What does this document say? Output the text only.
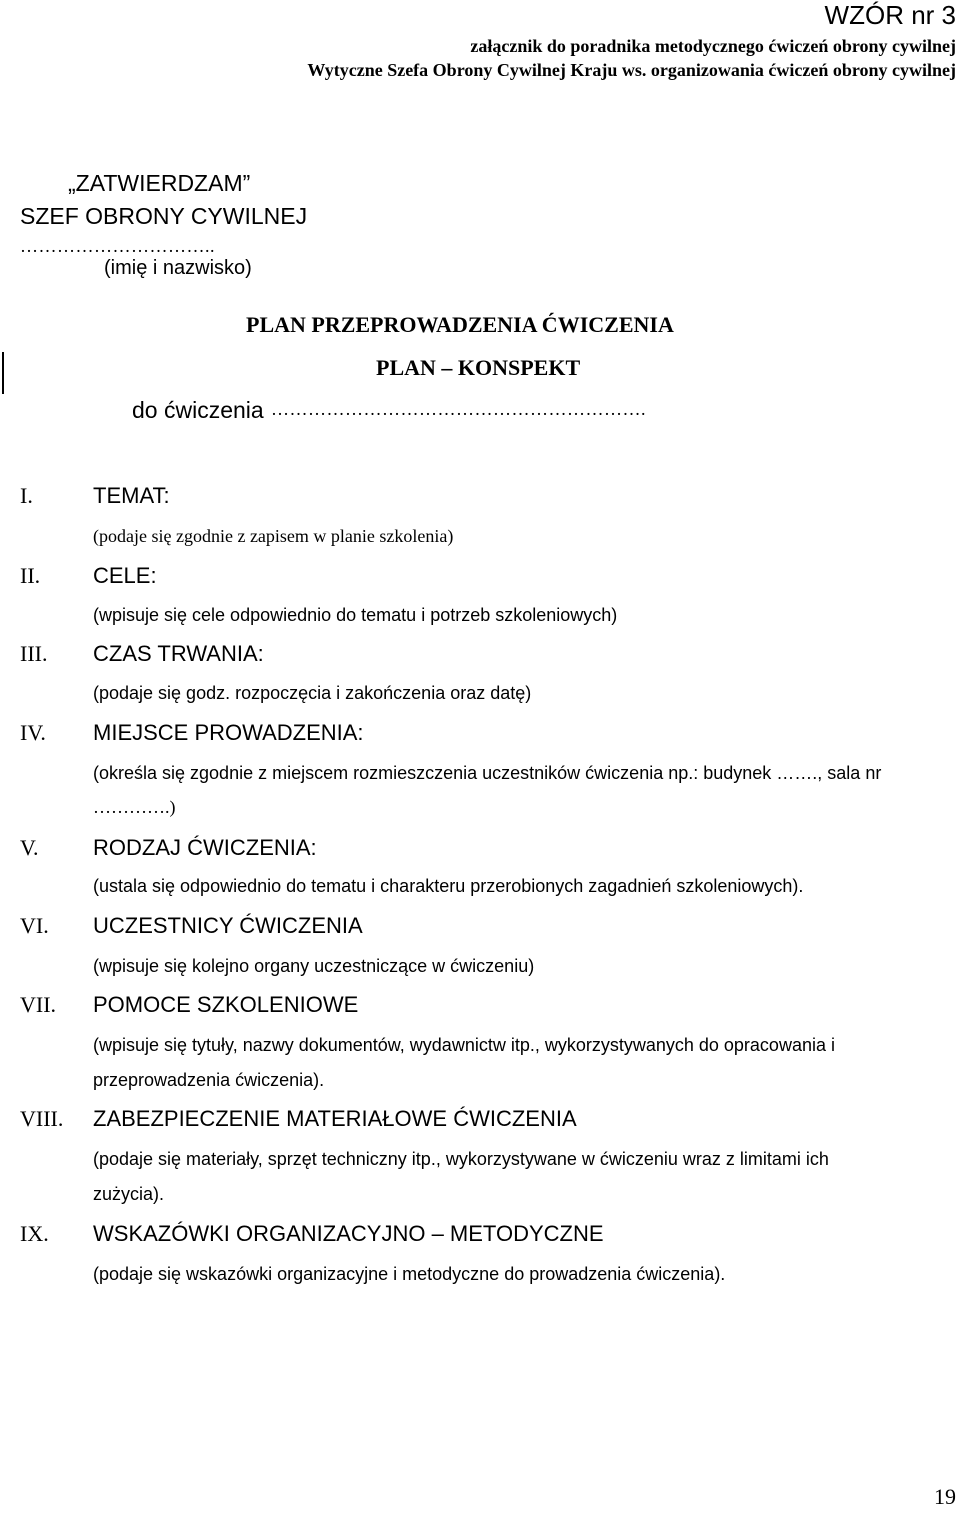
WZÓR nr 3
załącznik do poradnika metodycznego ćwiczeń obrony cywilnej
Wytyczne Szefa Obrony Cywilnej Kraju ws. organizowania ćwiczeń obrony cywilnej
„ZATWIERDZAM”
SZEF OBRONY CYWILNEJ
…………………………..
(imię i nazwisko)
PLAN PRZEPROWADZENIA ĆWICZENIA
PLAN – KONSPEKT
do ćwiczenia …………………………………………………….
I.	TEMAT:
(podaje się zgodnie z zapisem w planie szkolenia)
II. CELE:
(wpisuje się cele odpowiednio do tematu i potrzeb szkoleniowych)
III. CZAS TRWANIA:
(podaje się godz. rozpoczęcia i zakończenia oraz datę)
IV. MIEJSCE PROWADZENIA:
(określa się zgodnie z miejscem rozmieszczenia uczestników ćwiczenia np.: budynek ……., sala nr
………….)
V. RODZAJ ĆWICZENIA:
(ustala się odpowiednio do tematu i charakteru przerobionych zagadnień szkoleniowych).
VI. UCZESTNICY ĆWICZENIA
(wpisuje się kolejno organy uczestniczące w ćwiczeniu)
VII. POMOCE SZKOLENIOWE
(wpisuje się tytuły, nazwy dokumentów, wydawnictw itp., wykorzystywanych do opracowania i
przeprowadzenia ćwiczenia).
VIII. ZABEZPIECZENIE MATERIAŁOWE ĆWICZENIA
(podaje się materiały, sprzęt techniczny itp., wykorzystywane w ćwiczeniu wraz z limitami ich
zużycia).
IX. WSKAZÓWKI ORGANIZACYJNO – METODYCZNE
(podaje się wskazówki organizacyjne i metodyczne do prowadzenia ćwiczenia).
19
